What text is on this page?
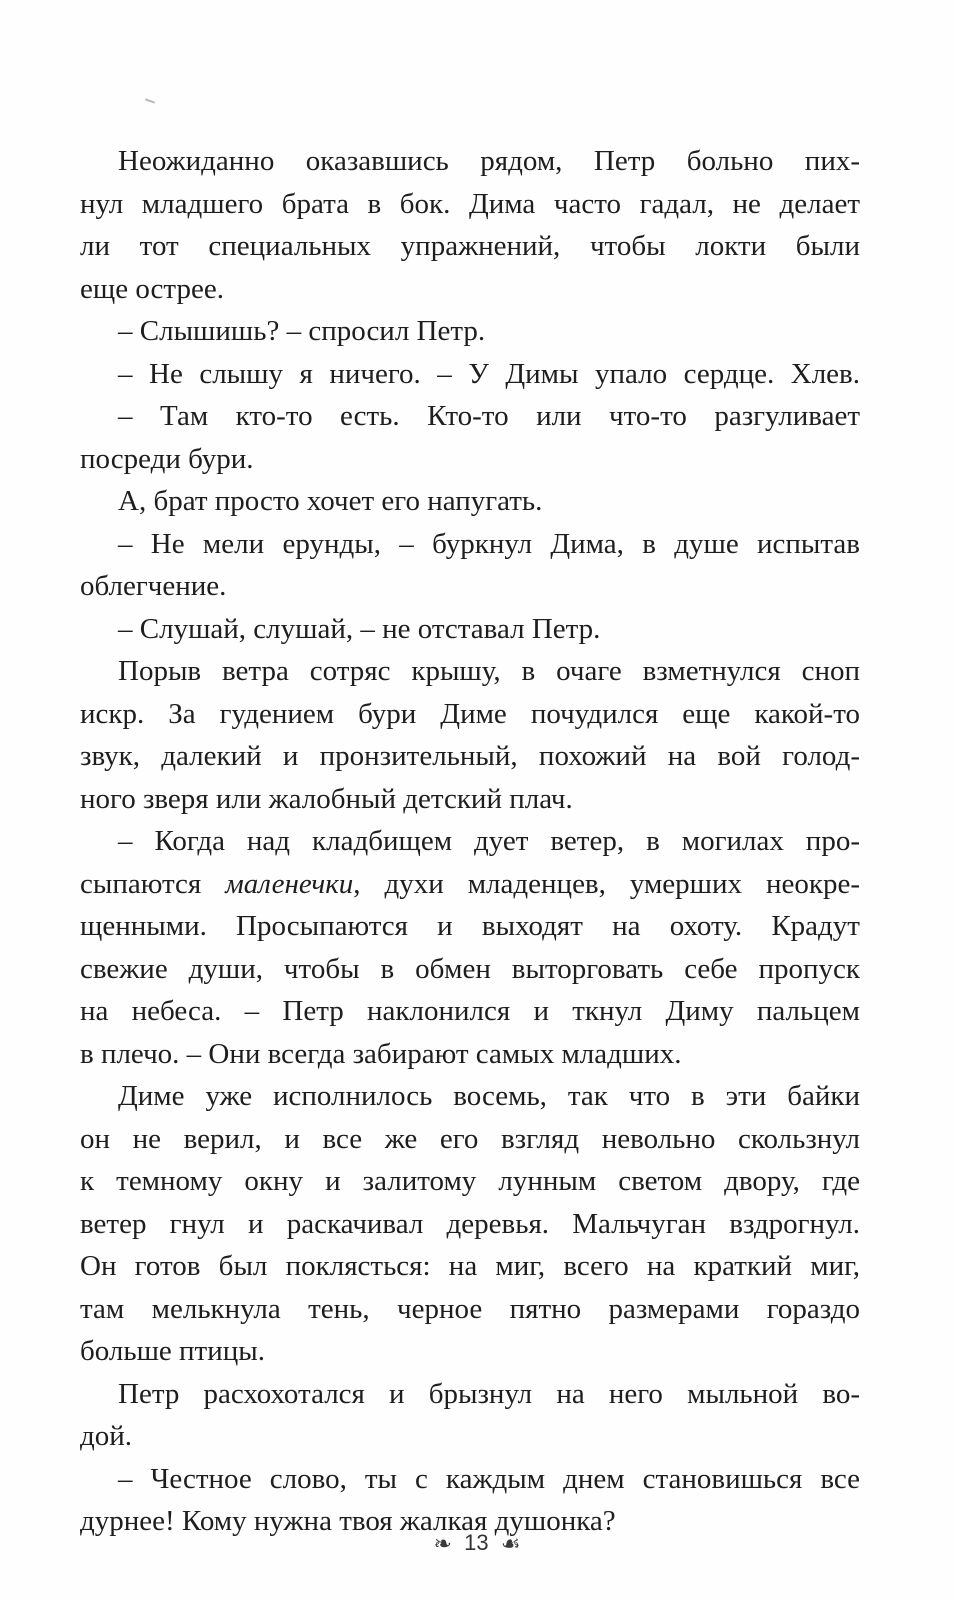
Неожиданно оказавшись рядом, Петр больно пих-
нул младшего брата в бок. Дима часто гадал, не делает
ли тот специальных упражнений, чтобы локти были
еще острее.
– Слышишь? – спросил Петр.
– Не слышу я ничего. – У Димы упало сердце. Хлев.
– Там кто-то есть. Кто-то или что-то разгуливает
посреди бури.
А, брат просто хочет его напугать.
– Не мели ерунды, – буркнул Дима, в душе испытав
облегчение.
– Слушай, слушай, – не отставал Петр.
Порыв ветра сотряс крышу, в очаге взметнулся сноп
искр. За гудением бури Диме почудился еще какой-то
звук, далекий и пронзительный, похожий на вой голод-
ного зверя или жалобный детский плач.
– Когда над кладбищем дует ветер, в могилах про-
сыпаются маленечки, духи младенцев, умерших неокре-
щенными. Просыпаются и выходят на охоту. Крадут
свежие души, чтобы в обмен выторговать себе пропуск
на небеса. – Петр наклонился и ткнул Диму пальцем
в плечо. – Они всегда забирают самых младших.
Диме уже исполнилось восемь, так что в эти байки
он не верил, и все же его взгляд невольно скользнул
к темному окну и залитому лунным светом двору, где
ветер гнул и раскачивал деревья. Мальчуган вздрогнул.
Он готов был поклясться: на миг, всего на краткий миг,
там мелькнула тень, черное пятно размерами гораздо
больше птицы.
Петр расхохотался и брызнул на него мыльной во-
дой.
– Честное слово, ты с каждым днем становишься все
дурнее! Кому нужна твоя жалкая душонка?
❧ 13 ☙
